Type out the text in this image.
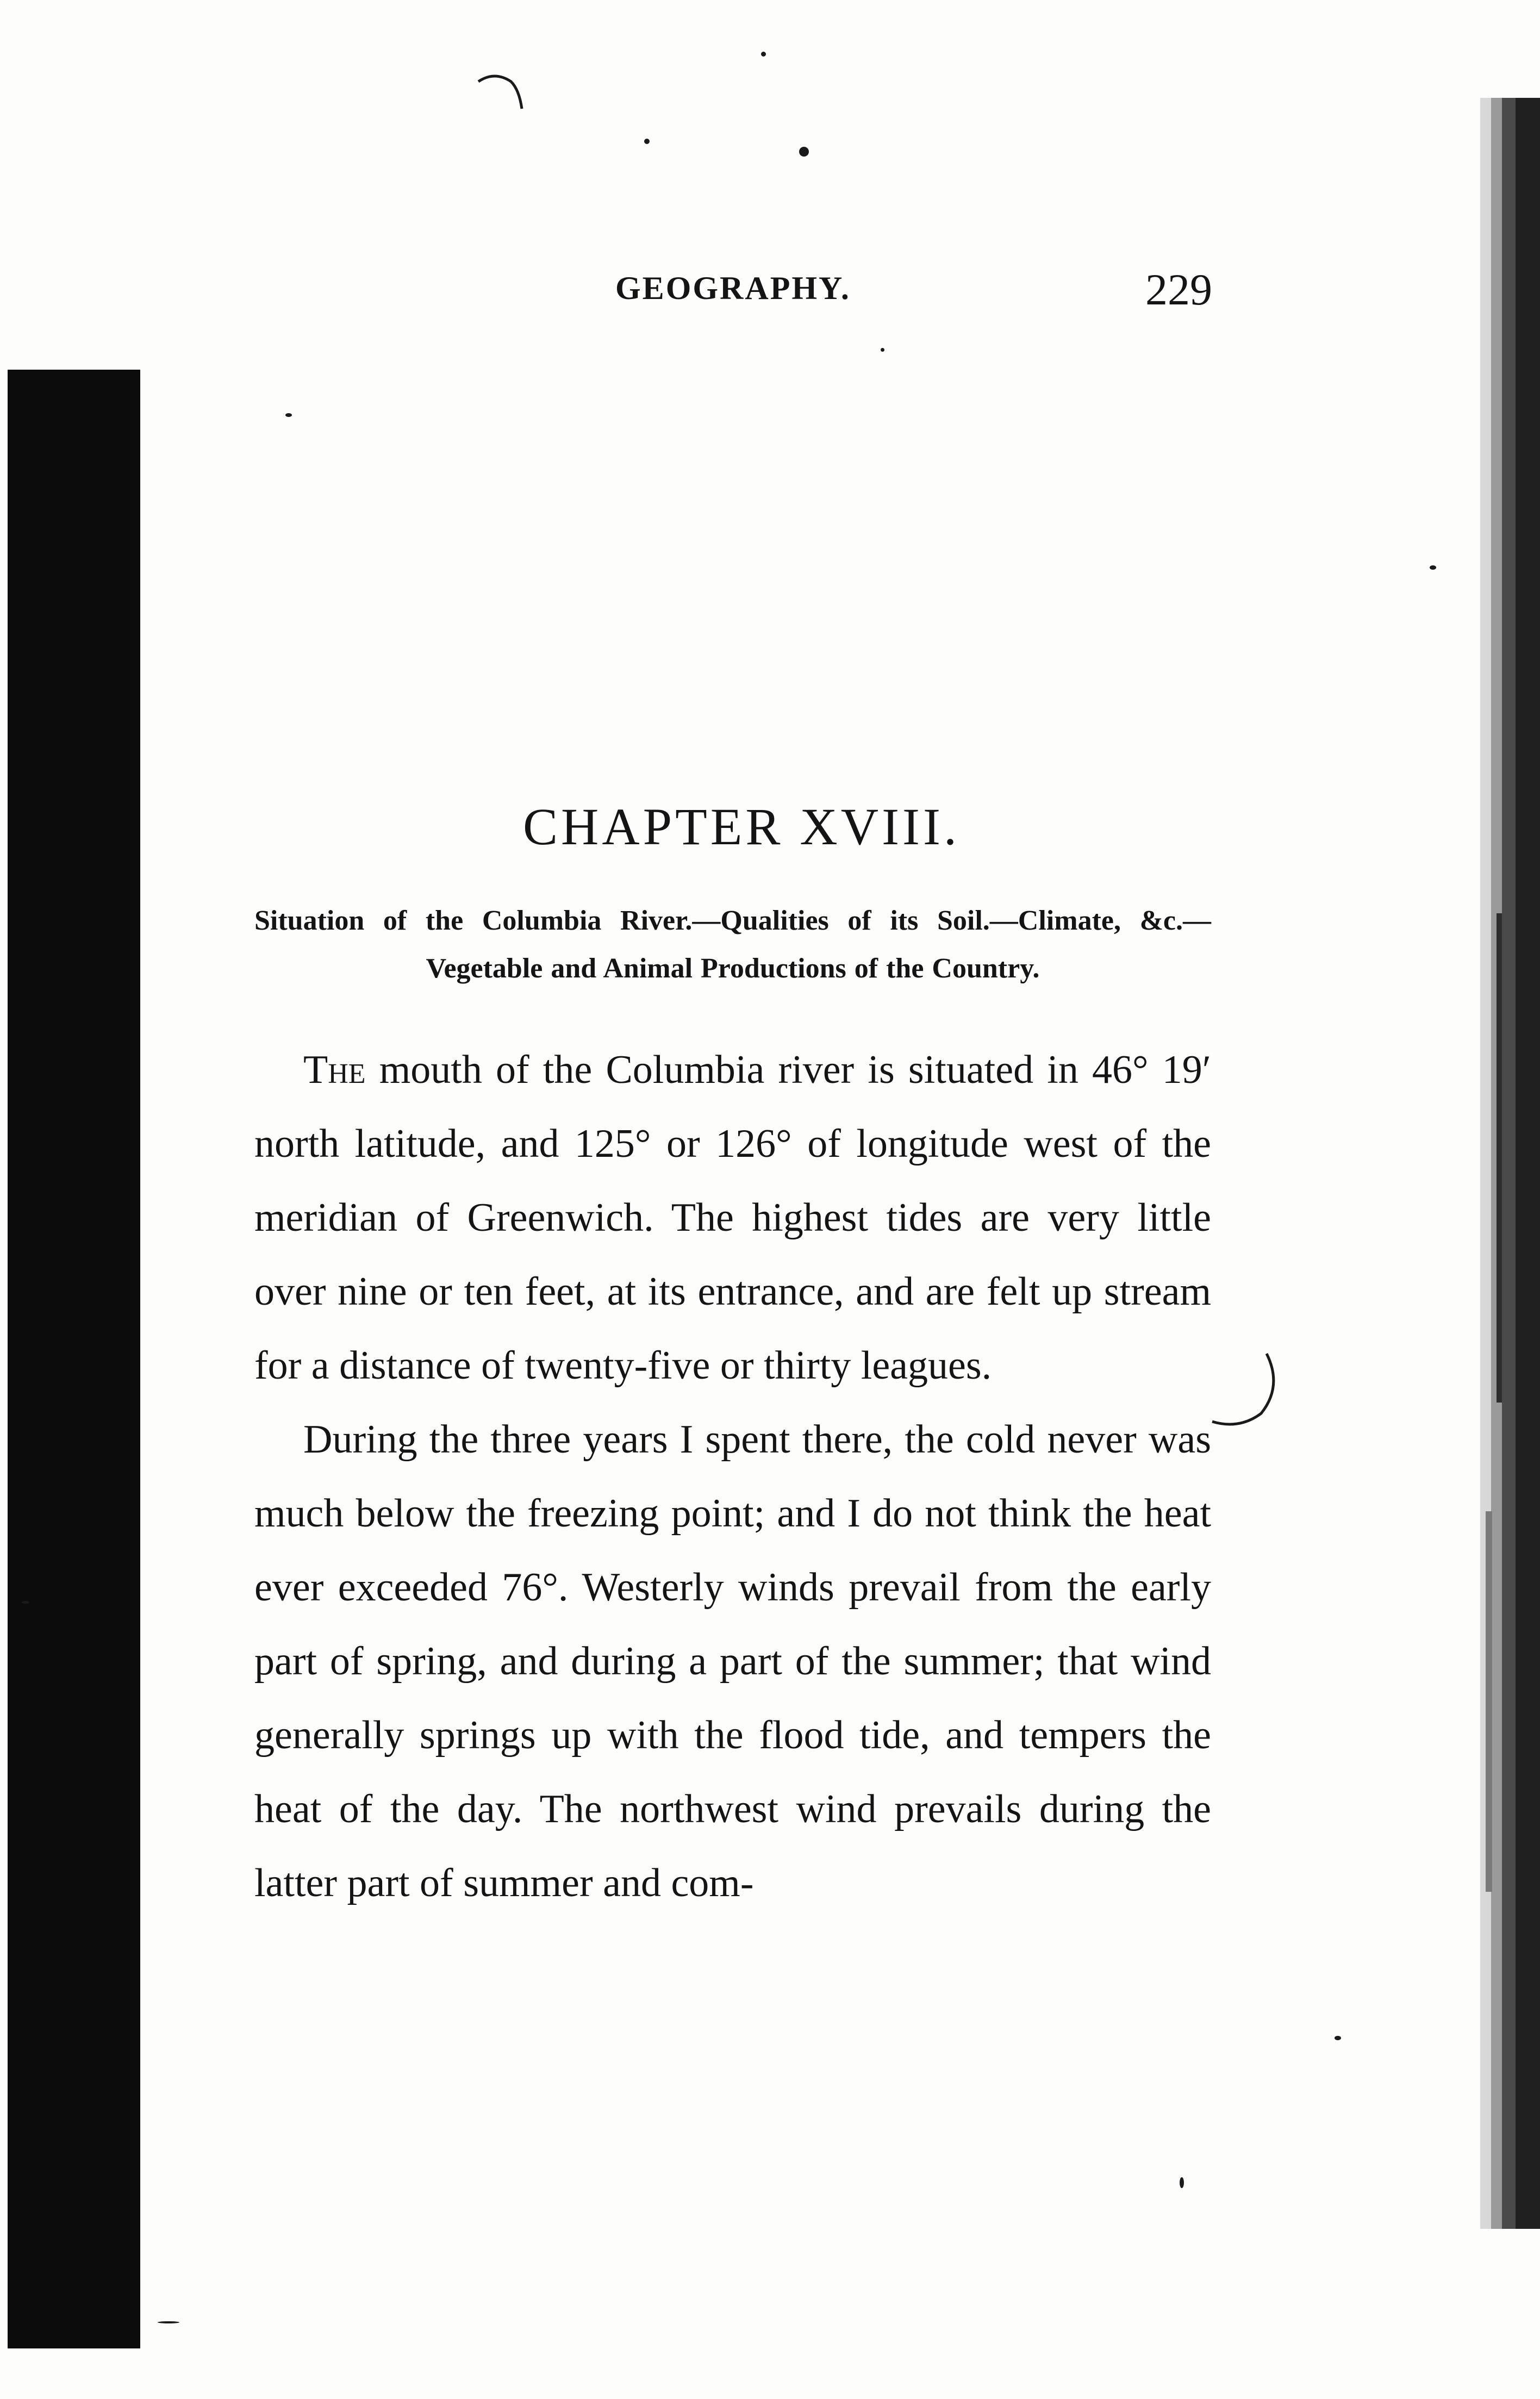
GEOGRAPHY.	229
CHAPTER XVIII.
Situation of the Columbia River.—Qualities of its Soil.—Climate, &c.—Vegetable and Animal Productions of the Country.

The mouth of the Columbia river is situated in 46° 19′ north latitude, and 125° or 126° of longitude west of the meridian of Greenwich. The highest tides are very little over nine or ten feet, at its entrance, and are felt up stream for a distance of twenty-five or thirty leagues.

During the three years I spent there, the cold never was much below the freezing point; and I do not think the heat ever exceeded 76°. Westerly winds prevail from the early part of spring, and during a part of the summer; that wind generally springs up with the flood tide, and tempers the heat of the day. The northwest wind prevails during the latter part of summer and com-
